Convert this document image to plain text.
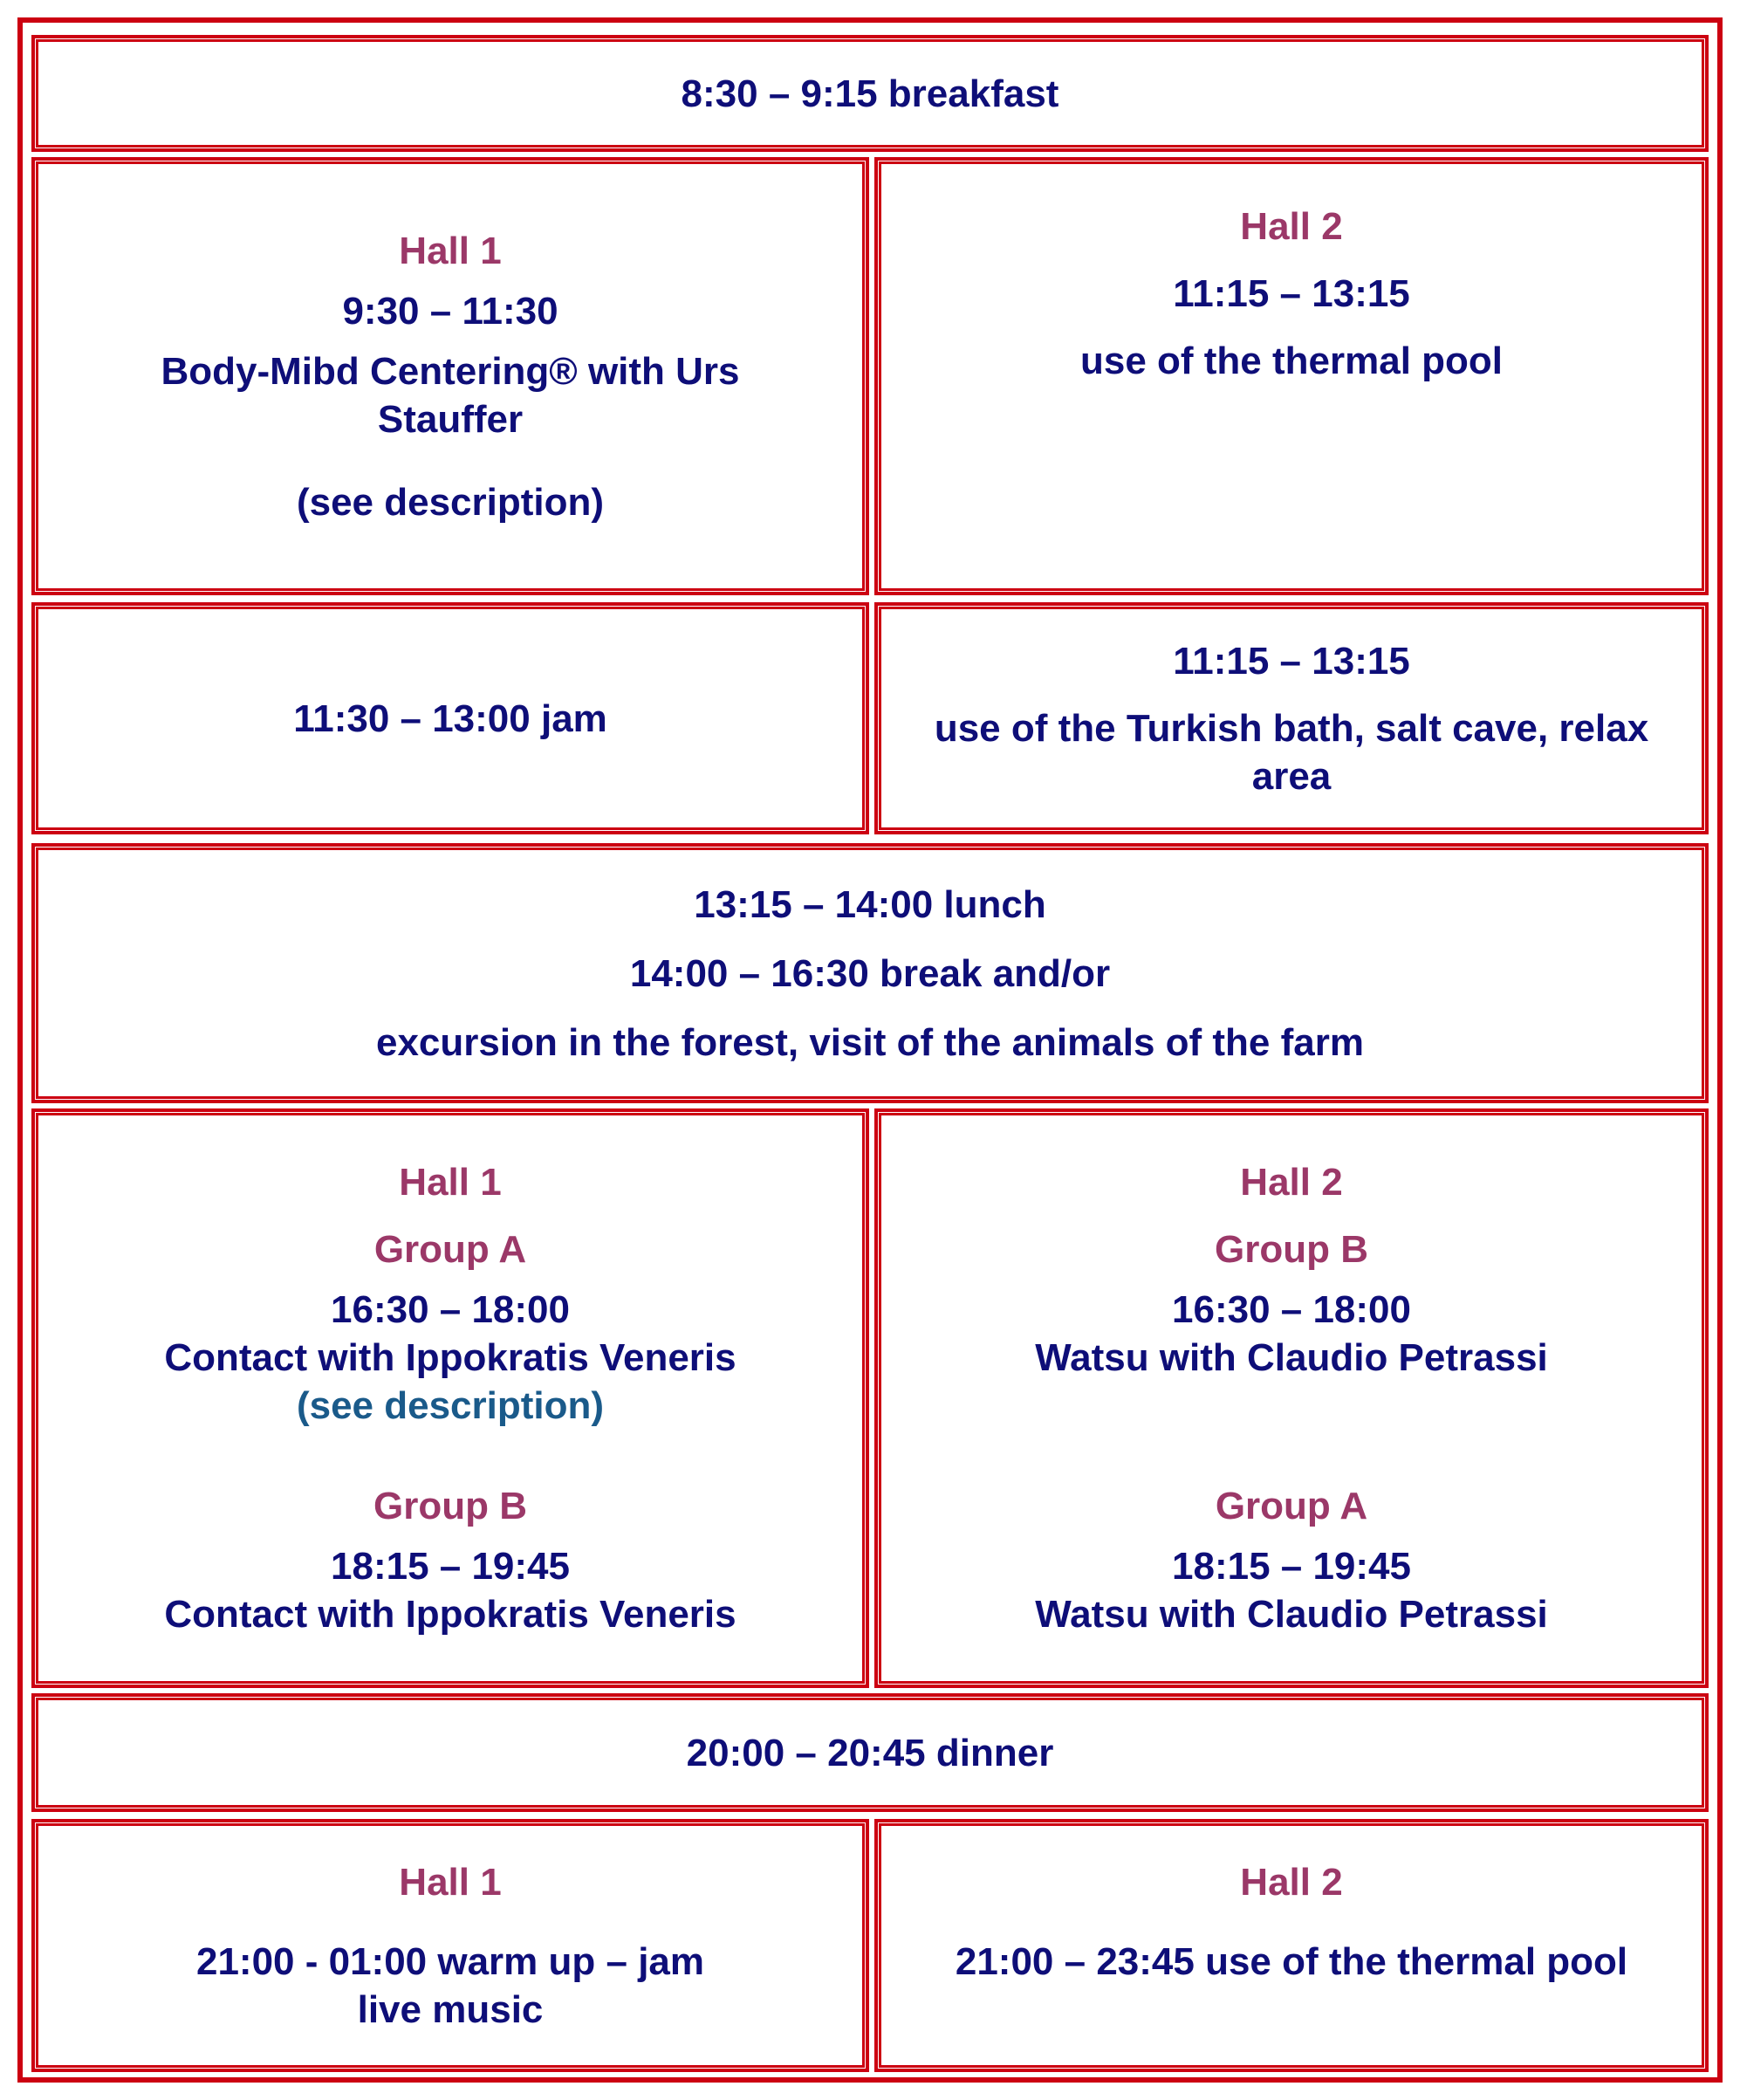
8:30 – 9:15 breakfast
Hall 1
9:30 – 11:30
Body-Mibd Centering® with Urs Stauffer
(see description)
Hall 2
11:15 – 13:15
use of the thermal pool
11:30 – 13:00 jam
11:15 – 13:15
use of the Turkish bath, salt cave, relax area
13:15 – 14:00 lunch
14:00 – 16:30 break and/or
excursion in the forest, visit of the animals of the farm
Hall 1
Group A
16:30 – 18:00
Contact with Ippokratis Veneris
(see description)
Group B
18:15 – 19:45
Contact with Ippokratis Veneris
Hall 2
Group B
16:30 – 18:00
Watsu with Claudio Petrassi
Group A
18:15 – 19:45
Watsu with Claudio Petrassi
20:00 – 20:45 dinner
Hall 1
21:00 - 01:00 warm up – jam
live music
Hall 2
21:00 – 23:45 use of the thermal pool
